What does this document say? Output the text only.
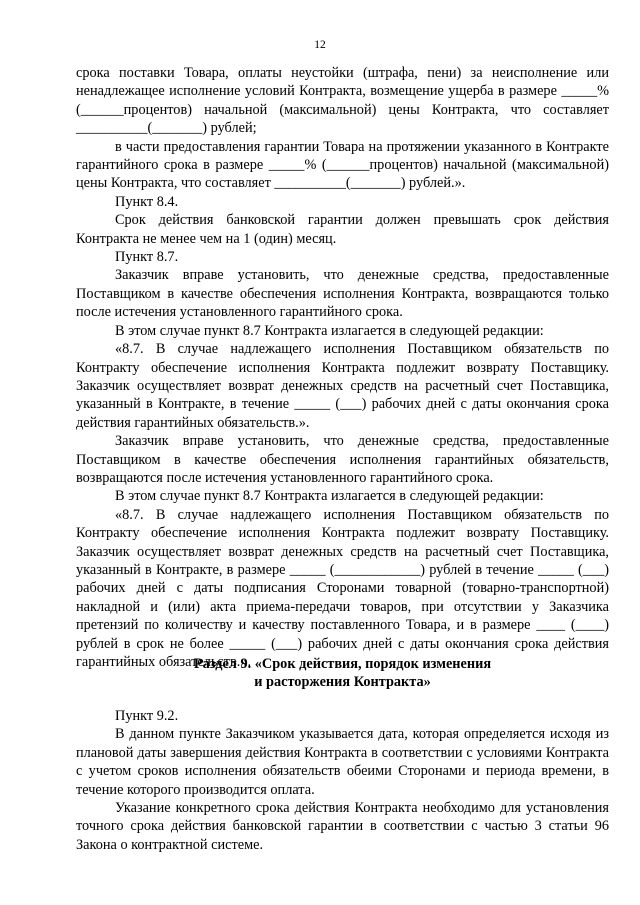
12

срока поставки Товара, оплаты неустойки (штрафа, пени) за неисполнение или ненадлежащее исполнение условий Контракта, возмещение ущерба в размере _____% (______процентов) начальной (максимальной) цены Контракта, что составляет __________(_______) рублей;

в части предоставления гарантии Товара на протяжении указанного в Контракте гарантийного срока в размере _____% (______процентов) начальной (максимальной) цены Контракта, что составляет __________(_______) рублей.».

Пункт 8.4.

Срок действия банковской гарантии должен превышать срок действия Контракта не менее чем на 1 (один) месяц.

Пункт 8.7.

Заказчик вправе установить, что денежные средства, предоставленные Поставщиком в качестве обеспечения исполнения Контракта, возвращаются только после истечения установленного гарантийного срока.

В этом случае пункт 8.7 Контракта излагается в следующей редакции:

«8.7. В случае надлежащего исполнения Поставщиком обязательств по Контракту обеспечение исполнения Контракта подлежит возврату Поставщику. Заказчик осуществляет возврат денежных средств на расчетный счет Поставщика, указанный в Контракте, в течение _____ (___) рабочих дней с даты окончания срока действия гарантийных обязательств.».

Заказчик вправе установить, что денежные средства, предоставленные Поставщиком в качестве обеспечения исполнения гарантийных обязательств, возвращаются после истечения установленного гарантийного срока.

В этом случае пункт 8.7 Контракта излагается в следующей редакции:

«8.7. В случае надлежащего исполнения Поставщиком обязательств по Контракту обеспечение исполнения Контракта подлежит возврату Поставщику. Заказчик осуществляет возврат денежных средств на расчетный счет Поставщика, указанный в Контракте, в размере _____ (____________) рублей в течение _____ (___) рабочих дней с даты подписания Сторонами товарной (товарно-транспортной) накладной и (или) акта приема-передачи товаров, при отсутствии у Заказчика претензий по количеству и качеству поставленного Товара, и в размере ____ (____) рублей в срок не более _____ (___) рабочих дней с даты окончания срока действия гарантийных обязательств.».

Раздел 9. «Срок действия, порядок изменения

и расторжения Контракта»

Пункт 9.2.

В данном пункте Заказчиком указывается дата, которая определяется исходя из плановой даты завершения действия Контракта в соответствии с условиями Контракта с учетом сроков исполнения обязательств обеими Сторонами и периода времени, в течение которого производится оплата.

Указание конкретного срока действия Контракта необходимо для установления точного срока действия банковской гарантии в соответствии с частью 3 статьи 96 Закона о контрактной системе.
